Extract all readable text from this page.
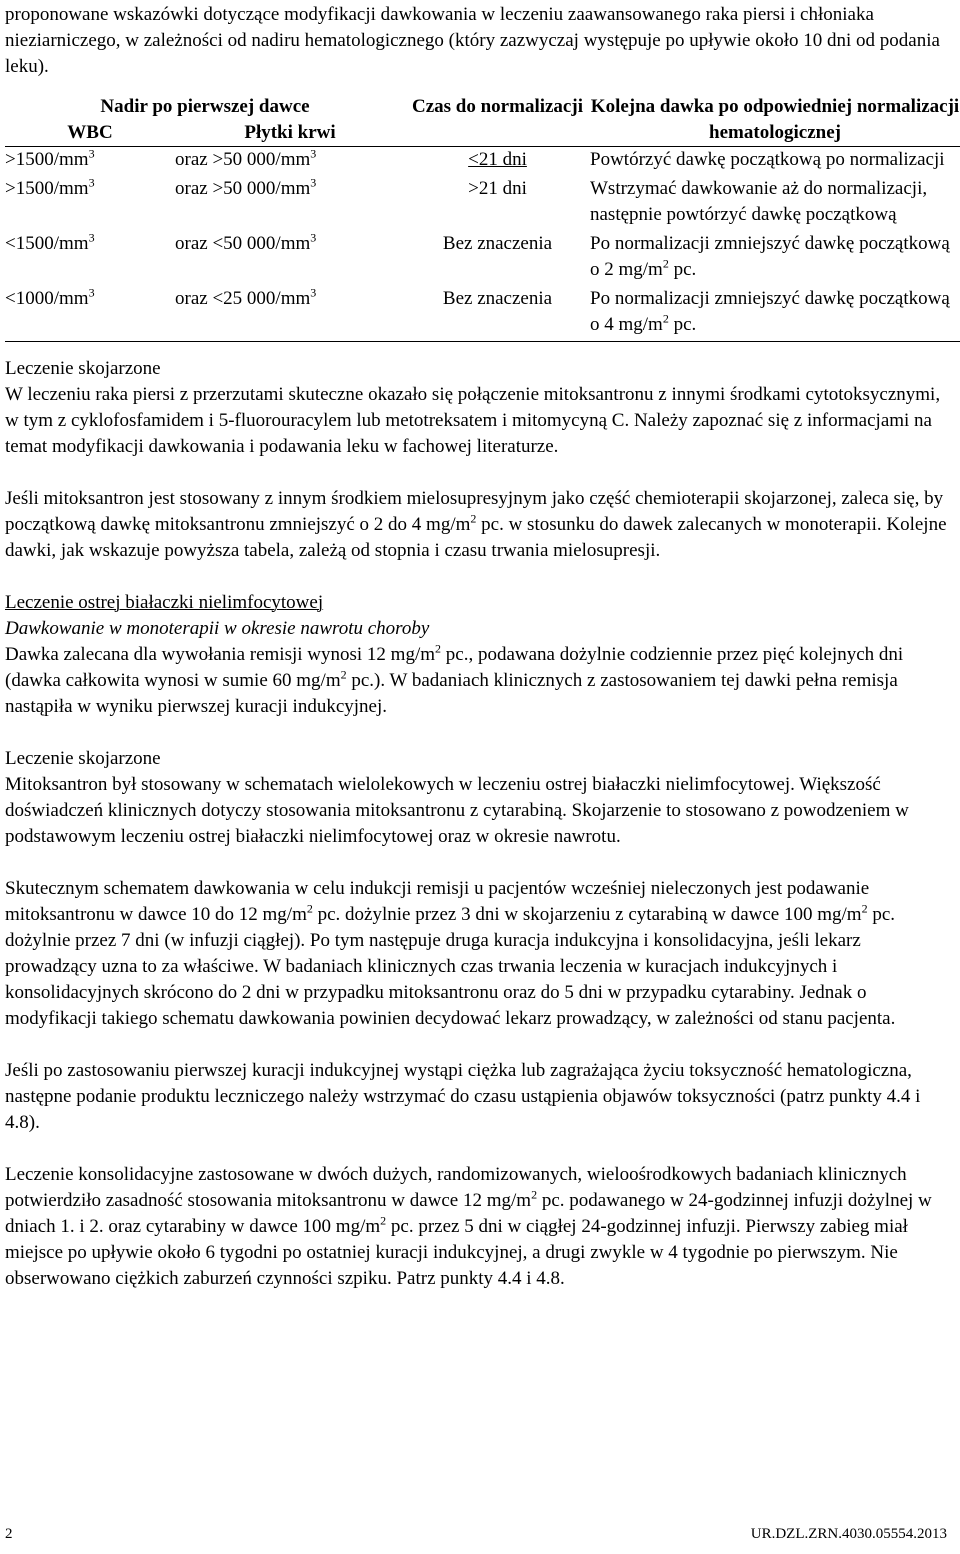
proponowane wskazówki dotyczące modyfikacji dawkowania w leczeniu zaawansowanego raka piersi i chłoniaka nieziarniczego, w zależności od nadiru hematologicznego (który zazwyczaj występuje po upływie około 10 dni od podania leku).

Nadir po pierwszej dawce		Czas do normalizacji	Kolejna dawka po odpowiedniej normalizacji hematologicznej
WBC	Płytki krwi		
$>1500/mm^3$	oraz >50 $000/mm^3$	<21 dni	Powtórzyć dawkę początkową po normalizacji
$>1500/mm^3$	oraz >50 $000/mm^3$	>21 dni	Wstrzymać dawkowanie aż do normalizacji, następnie powtórzyć dawkę początkową
$<1500/mm^3$	oraz <50 $000/mm^3$	Bez znaczenia	Po normalizacji zmniejszyć dawkę początkową o 2 $mg/m^2$ pc.
$<1000/mm^3$	oraz <25 $000/mm^3$	Bez znaczenia	Po normalizacji zmniejszyć dawkę początkową o 4 $mg/m^2$ pc.

Leczenie skojarzone

W leczeniu raka piersi z przerzutami skuteczne okazało się połączenie mitoksantronu z innymi środkami cytotoksycznymi, w tym z cyklofosfamidem i 5-fluorouracylem lub metotreksatem i mitomycyną C. Należy zapoznać się z informacjami na temat modyfikacji dawkowania i podawania leku w fachowej literaturze.

Jeśli mitoksantron jest stosowany z innym środkiem mielosupresyjnym jako część chemioterapii skojarzonej, zaleca się, by początkową dawkę mitoksantronu zmniejszyć o 2 do 4 $mg/m^2$ pc. w stosunku do dawek zalecanych w monoterapii. Kolejne dawki, jak wskazuje powyższa tabela, zależą od stopnia i czasu trwania mielosupresji.

Leczenie ostrej białaczki nielimfocytowej

Dawkowanie w monoterapii w okresie nawrotu choroby

Dawka zalecana dla wywołania remisji wynosi 12 $mg/m^2$ pc., podawana dożylnie codziennie przez pięć kolejnych dni (dawka całkowita wynosi w sumie 60 $mg/m^2$ pc.). W badaniach klinicznych z zastosowaniem tej dawki pełna remisja nastąpiła w wyniku pierwszej kuracji indukcyjnej.

Leczenie skojarzone

Mitoksantron był stosowany w schematach wielolekowych w leczeniu ostrej białaczki nielimfocytowej. Większość doświadczeń klinicznych dotyczy stosowania mitoksantronu z cytarabiną. Skojarzenie to stosowano z powodzeniem w podstawowym leczeniu ostrej białaczki nielimfocytowej oraz w okresie nawrotu.

Skutecznym schematem dawkowania w celu indukcji remisji u pacjentów wcześniej nieleczonych jest podawanie mitoksantronu w dawce 10 do 12 $mg/m^2$ pc. dożylnie przez 3 dni w skojarzeniu z cytarabiną w dawce 100 $mg/m^2$ pc. dożylnie przez 7 dni (w infuzji ciągłej). Po tym następuje druga kuracja indukcyjna i konsolidacyjna, jeśli lekarz prowadzący uzna to za właściwe. W badaniach klinicznych czas trwania leczenia w kuracjach indukcyjnych i konsolidacyjnych skrócono do 2 dni w przypadku mitoksantronu oraz do 5 dni w przypadku cytarabiny. Jednak o modyfikacji takiego schematu dawkowania powinien decydować lekarz prowadzący, w zależności od stanu pacjenta.

Jeśli po zastosowaniu pierwszej kuracji indukcyjnej wystąpi ciężka lub zagrażająca życiu toksyczność hematologiczna, następne podanie produktu leczniczego należy wstrzymać do czasu ustąpienia objawów toksyczności (patrz punkty 4.4 i 4.8).

Leczenie konsolidacyjne zastosowane w dwóch dużych, randomizowanych, wieloośrodkowych badaniach klinicznych potwierdziło zasadność stosowania mitoksantronu w dawce 12 $mg/m^2$ pc. podawanego w 24-godzinnej infuzji dożylnej w dniach 1. i 2. oraz cytarabiny w dawce 100 $mg/m^2$ pc. przez 5 dni w ciągłej 24-godzinnej infuzji. Pierwszy zabieg miał miejsce po upływie około 6 tygodni po ostatniej kuracji indukcyjnej, a drugi zwykle w 4 tygodnie po pierwszym. Nie obserwowano ciężkich zaburzeń czynności szpiku. Patrz punkty 4.4 i 4.8.

2	UR.DZL.ZRN.4030.05554.2013
